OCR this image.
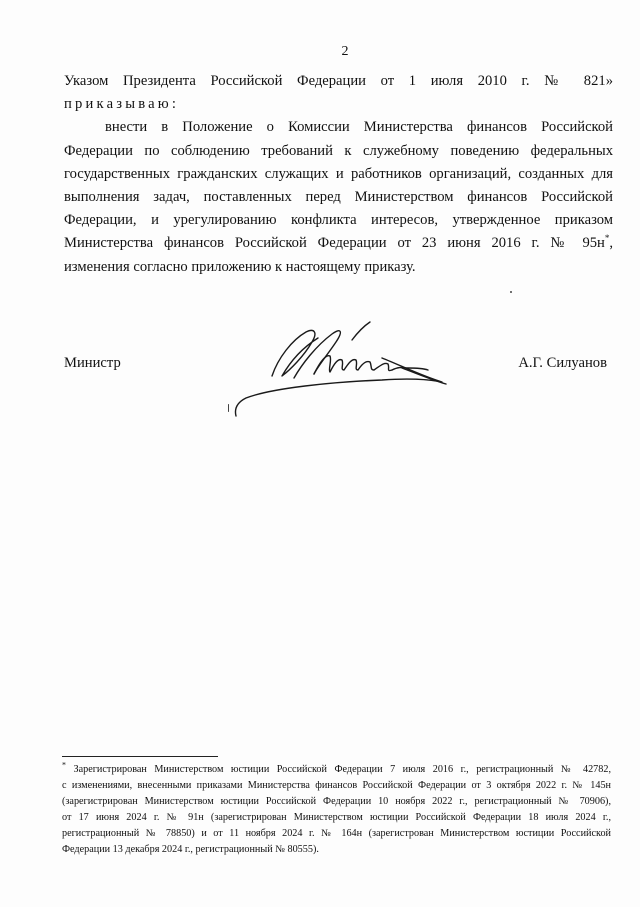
2

Указом Президента Российской Федерации от 1 июля 2010 г. № 821»
приказываю:

внести в Положение о Комиссии Министерства финансов Российской
Федерации по соблюдению требований к служебному поведению федеральных
государственных гражданских служащих и работников организаций, созданных для
выполнения задач, поставленных перед Министерством финансов Российской
Федерации, и урегулированию конфликта интересов, утвержденное приказом
Министерства финансов Российской Федерации от 23 июня 2016 г. № 95н*,
изменения согласно приложению к настоящему приказу.

Министр	А.Г. Силуанов
* Зарегистрирован Министерством юстиции Российской Федерации 7 июля 2016 г., регистрационный № 42782,
с изменениями, внесенными приказами Министерства финансов Российской Федерации от 3 октября 2022 г. № 145н
(зарегистрирован Министерством юстиции Российской Федерации 10 ноября 2022 г., регистрационный № 70906),
от 17 июня 2024 г. № 91н (зарегистрирован Министерством юстиции Российской Федерации 18 июля 2024 г.,
регистрационный № 78850) и от 11 ноября 2024 г. № 164н (зарегистрован Министерством юстиции Российской
Федерации 13 декабря 2024 г., регистрационный № 80555).
